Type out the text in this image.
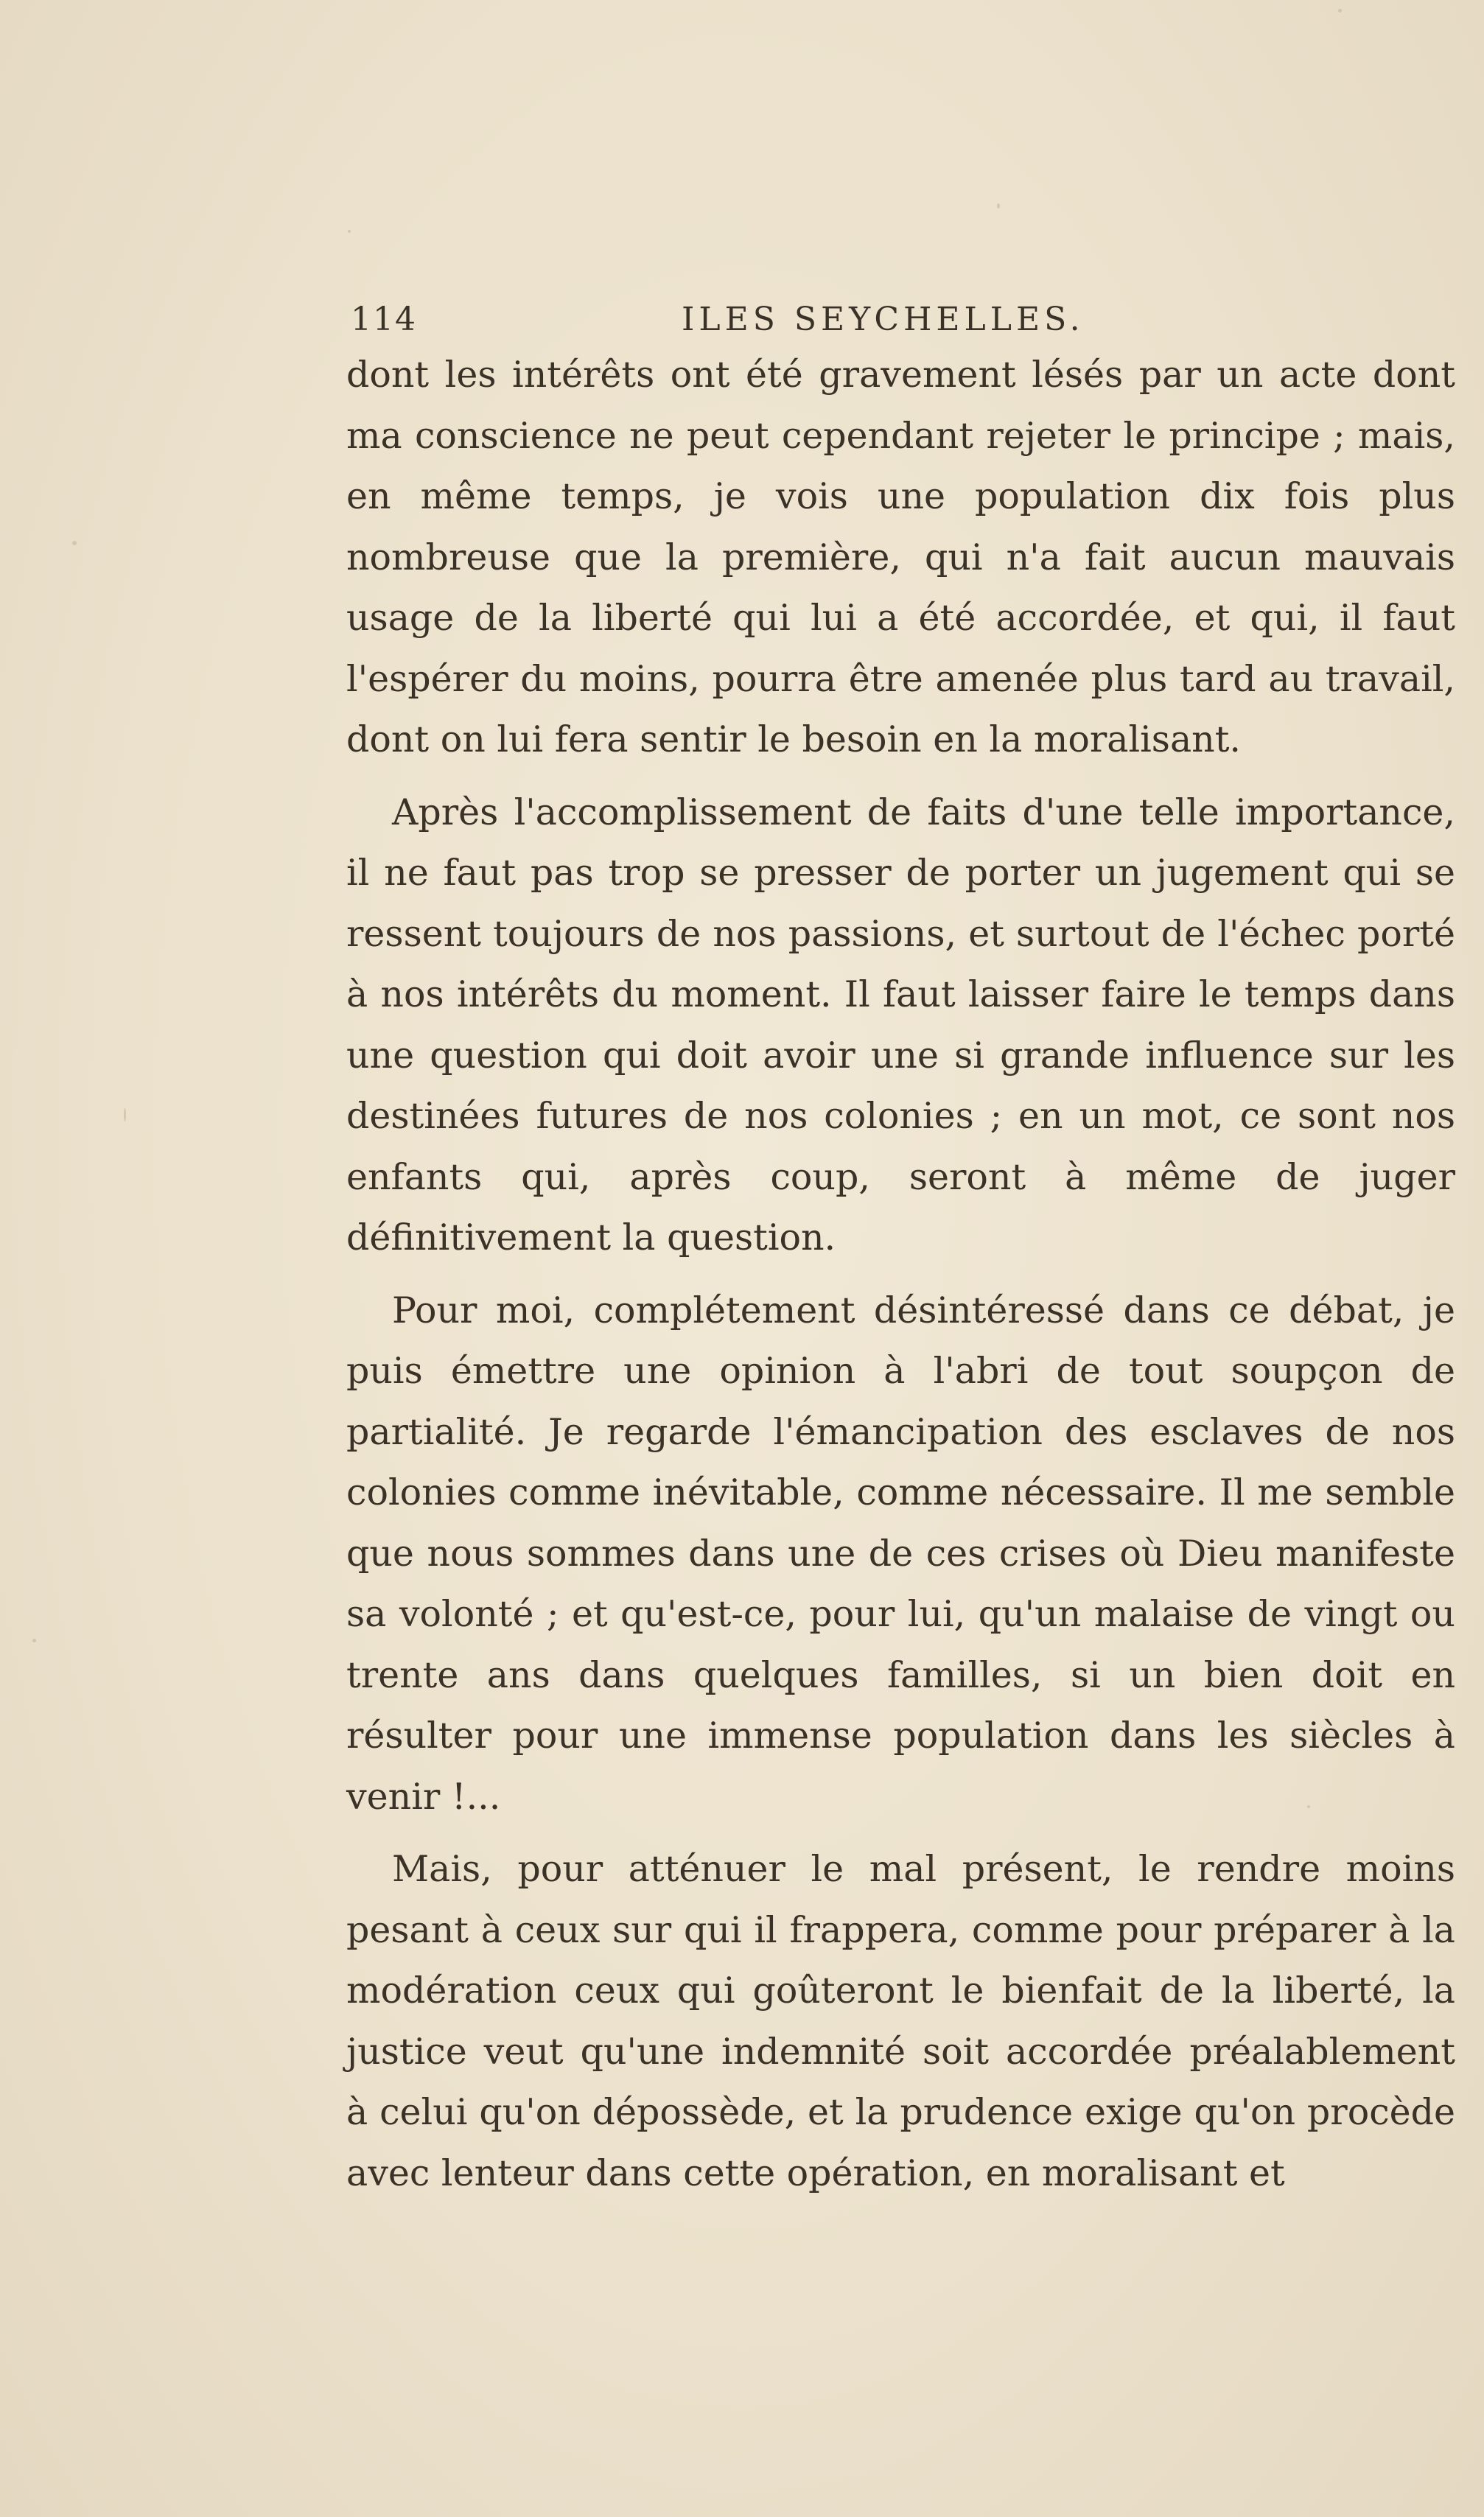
114	ILES SEYCHELLES.

dont les intérêts ont été gravement lésés par un acte dont ma conscience ne peut cependant rejeter le principe ; mais, en même temps, je vois une population dix fois plus nombreuse que la première, qui n'a fait aucun mauvais usage de la liberté qui lui a été accordée, et qui, il faut l'espérer du moins, pourra être amenée plus tard au travail, dont on lui fera sentir le besoin en la moralisant.

Après l'accomplissement de faits d'une telle importance, il ne faut pas trop se presser de porter un jugement qui se ressent toujours de nos passions, et surtout de l'échec porté à nos intérêts du moment. Il faut laisser faire le temps dans une question qui doit avoir une si grande influence sur les destinées futures de nos colonies ; en un mot, ce sont nos enfants qui, après coup, seront à même de juger définitivement la question.

Pour moi, complétement désintéressé dans ce débat, je puis émettre une opinion à l'abri de tout soupçon de partialité. Je regarde l'émancipation des esclaves de nos colonies comme inévitable, comme nécessaire. Il me semble que nous sommes dans une de ces crises où Dieu manifeste sa volonté ; et qu'est-ce, pour lui, qu'un malaise de vingt ou trente ans dans quelques familles, si un bien doit en résulter pour une immense population dans les siècles à venir !...

Mais, pour atténuer le mal présent, le rendre moins pesant à ceux sur qui il frappera, comme pour préparer à la modération ceux qui goûteront le bienfait de la liberté, la justice veut qu'une indemnité soit accordée préalablement à celui qu'on dépossède, et la prudence exige qu'on procède avec lenteur dans cette opération, en moralisant et
